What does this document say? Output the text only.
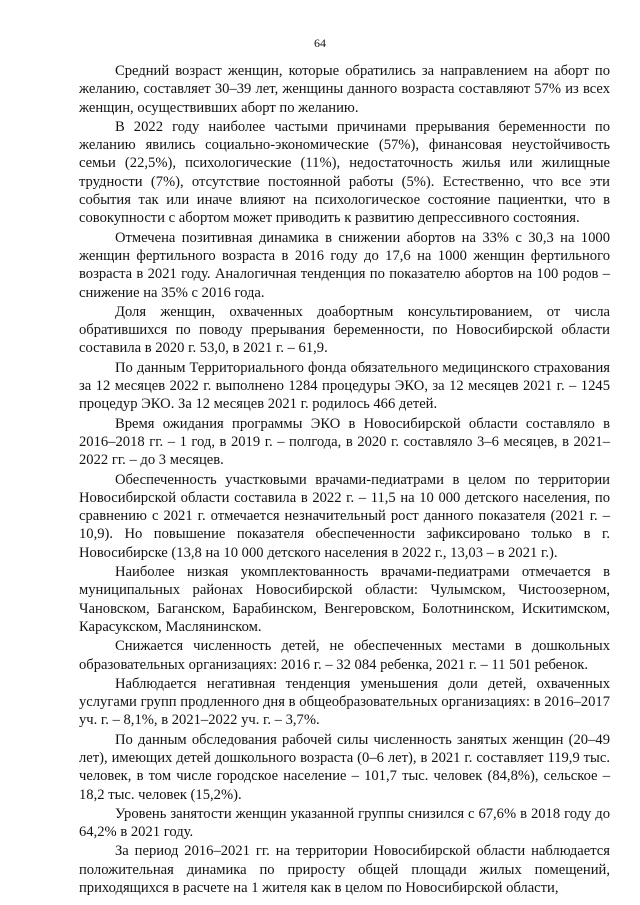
64

Средний возраст женщин, которые обратились за направлением на аборт по желанию, составляет 30–39 лет, женщины данного возраста составляют 57% из всех женщин, осуществивших аборт по желанию.

В 2022 году наиболее частыми причинами прерывания беременности по желанию явились социально-экономические (57%), финансовая неустойчивость семьи (22,5%), психологические (11%), недостаточность жилья или жилищные трудности (7%), отсутствие постоянной работы (5%). Естественно, что все эти события так или иначе влияют на психологическое состояние пациентки, что в совокупности с абортом может приводить к развитию депрессивного состояния.

Отмечена позитивная динамика в снижении абортов на 33% с 30,3 на 1000 женщин фертильного возраста в 2016 году до 17,6 на 1000 женщин фертильного возраста в 2021 году. Аналогичная тенденция по показателю абортов на 100 родов – снижение на 35% с 2016 года.

Доля женщин, охваченных доабортным консультированием, от числа обратившихся по поводу прерывания беременности, по Новосибирской области составила в 2020 г. 53,0, в 2021 г. – 61,9.

По данным Территориального фонда обязательного медицинского страхования за 12 месяцев 2022 г. выполнено 1284 процедуры ЭКО, за 12 месяцев 2021 г. – 1245 процедур ЭКО. За 12 месяцев 2021 г. родилось 466 детей.

Время ожидания программы ЭКО в Новосибирской области составляло в 2016–2018 гг. – 1 год, в 2019 г. – полгода, в 2020 г. составляло 3–6 месяцев, в 2021–2022 гг. – до 3 месяцев.

Обеспеченность участковыми врачами-педиатрами в целом по территории Новосибирской области составила в 2022 г. – 11,5 на 10 000 детского населения, по сравнению с 2021 г. отмечается незначительный рост данного показателя (2021 г. – 10,9). Но повышение показателя обеспеченности зафиксировано только в г. Новосибирске (13,8 на 10 000 детского населения в 2022 г., 13,03 – в 2021 г.).

Наиболее низкая укомплектованность врачами-педиатрами отмечается в муниципальных районах Новосибирской области: Чулымском, Чистоозерном, Чановском, Баганском, Барабинском, Венгеровском, Болотнинском, Искитимском, Карасукском, Маслянинском.

Снижается численность детей, не обеспеченных местами в дошкольных образовательных организациях: 2016 г. – 32 084 ребенка, 2021 г. – 11 501 ребенок.

Наблюдается негативная тенденция уменьшения доли детей, охваченных услугами групп продленного дня в общеобразовательных организациях: в 2016–2017 уч. г. – 8,1%, в 2021–2022 уч. г. – 3,7%.

По данным обследования рабочей силы численность занятых женщин (20–49 лет), имеющих детей дошкольного возраста (0–6 лет), в 2021 г. составляет 119,9 тыс. человек, в том числе городское население – 101,7 тыс. человек (84,8%), сельское – 18,2 тыс. человек (15,2%).

Уровень занятости женщин указанной группы снизился с 67,6% в 2018 году до 64,2% в 2021 году.

За период 2016–2021 гг. на территории Новосибирской области наблюдается положительная динамика по приросту общей площади жилых помещений, приходящихся в расчете на 1 жителя как в целом по Новосибирской области,
